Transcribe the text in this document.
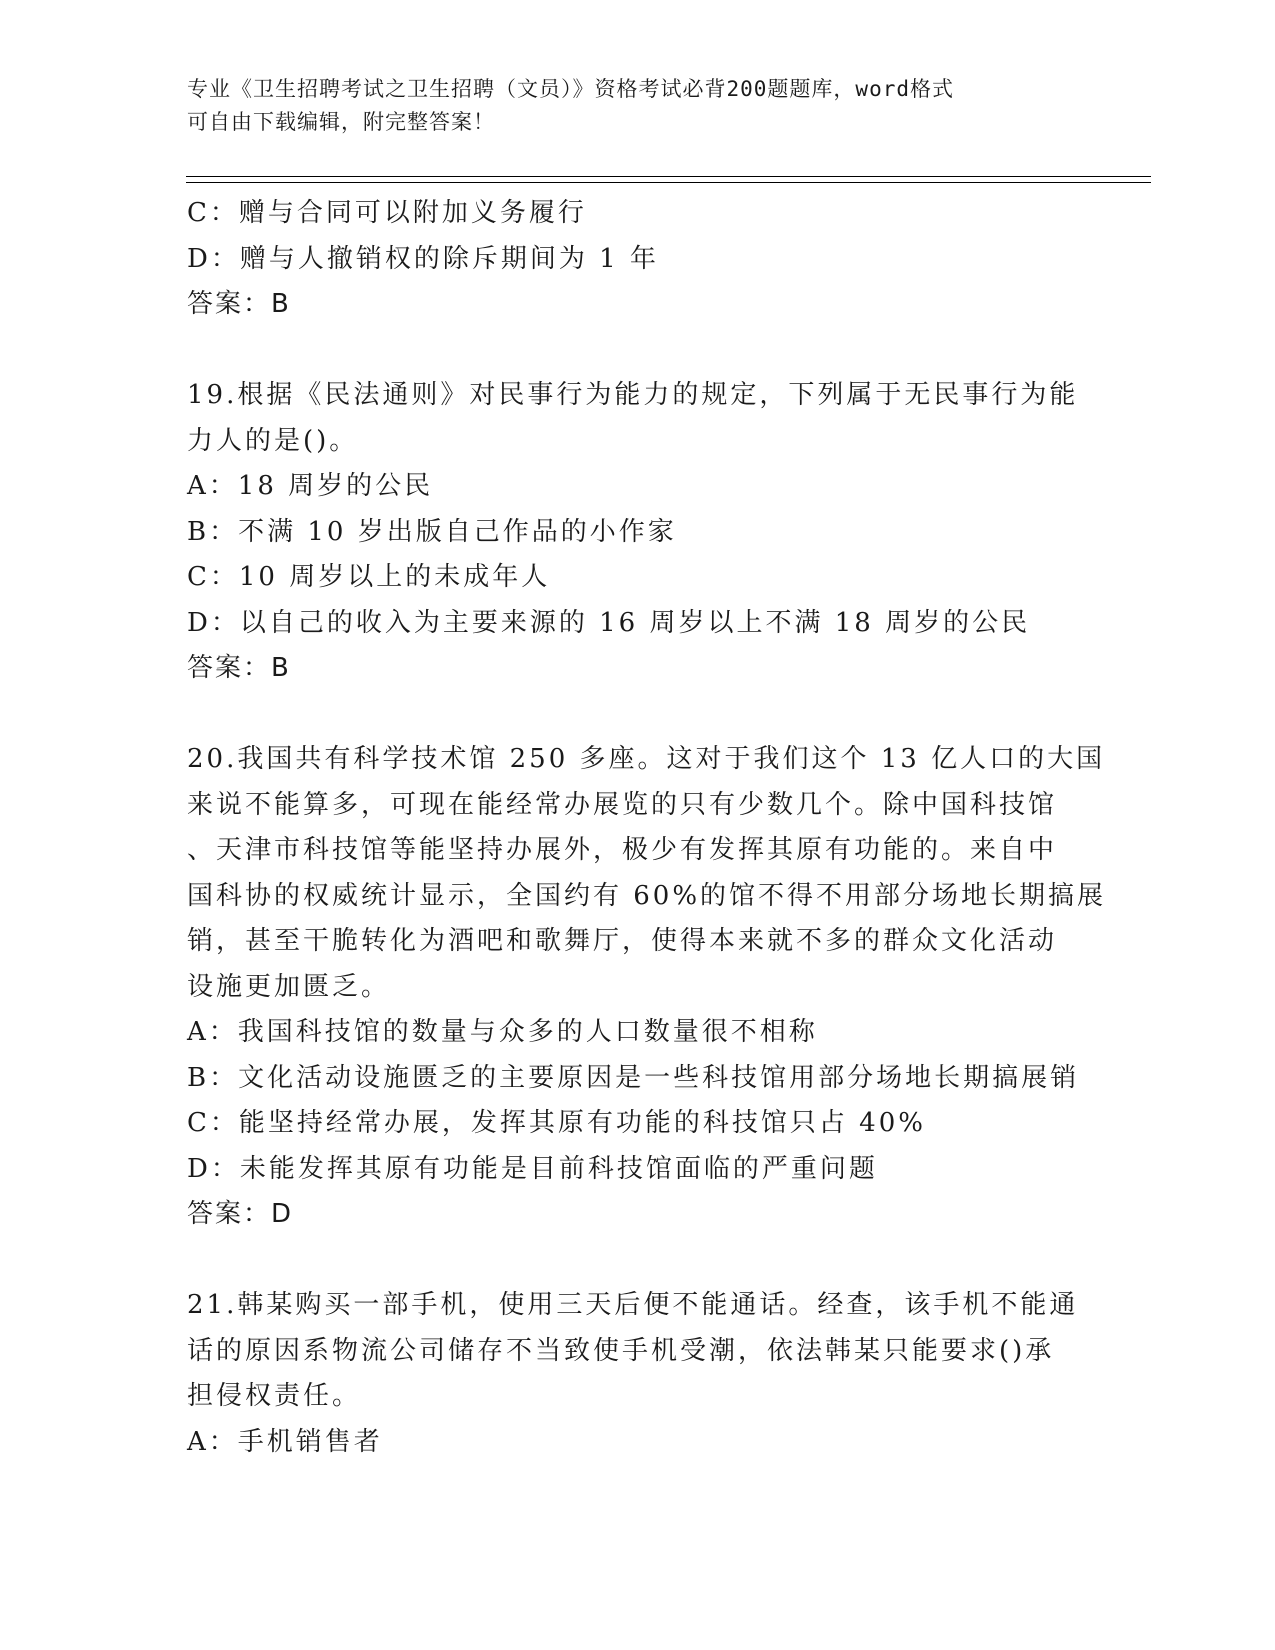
专业《卫生招聘考试之卫生招聘（文员）》资格考试必背200题题库，word格式
可自由下载编辑，附完整答案！
C：赠与合同可以附加义务履行
D：赠与人撤销权的除斥期间为 1 年
答案：B
19.根据《民法通则》对民事行为能力的规定，下列属于无民事行为能
力人的是()。
A：18 周岁的公民
B：不满 10 岁出版自己作品的小作家
C：10 周岁以上的未成年人
D：以自己的收入为主要来源的 16 周岁以上不满 18 周岁的公民
答案：B
20.我国共有科学技术馆 250 多座。这对于我们这个 13 亿人口的大国
来说不能算多，可现在能经常办展览的只有少数几个。除中国科技馆
、天津市科技馆等能坚持办展外，极少有发挥其原有功能的。来自中
国科协的权威统计显示，全国约有 60%的馆不得不用部分场地长期搞展
销，甚至干脆转化为酒吧和歌舞厅，使得本来就不多的群众文化活动
设施更加匮乏。
A：我国科技馆的数量与众多的人口数量很不相称
B：文化活动设施匮乏的主要原因是一些科技馆用部分场地长期搞展销
C：能坚持经常办展，发挥其原有功能的科技馆只占 40%
D：未能发挥其原有功能是目前科技馆面临的严重问题
答案：D
21.韩某购买一部手机，使用三天后便不能通话。经查，该手机不能通
话的原因系物流公司储存不当致使手机受潮，依法韩某只能要求()承
担侵权责任。
A：手机销售者
